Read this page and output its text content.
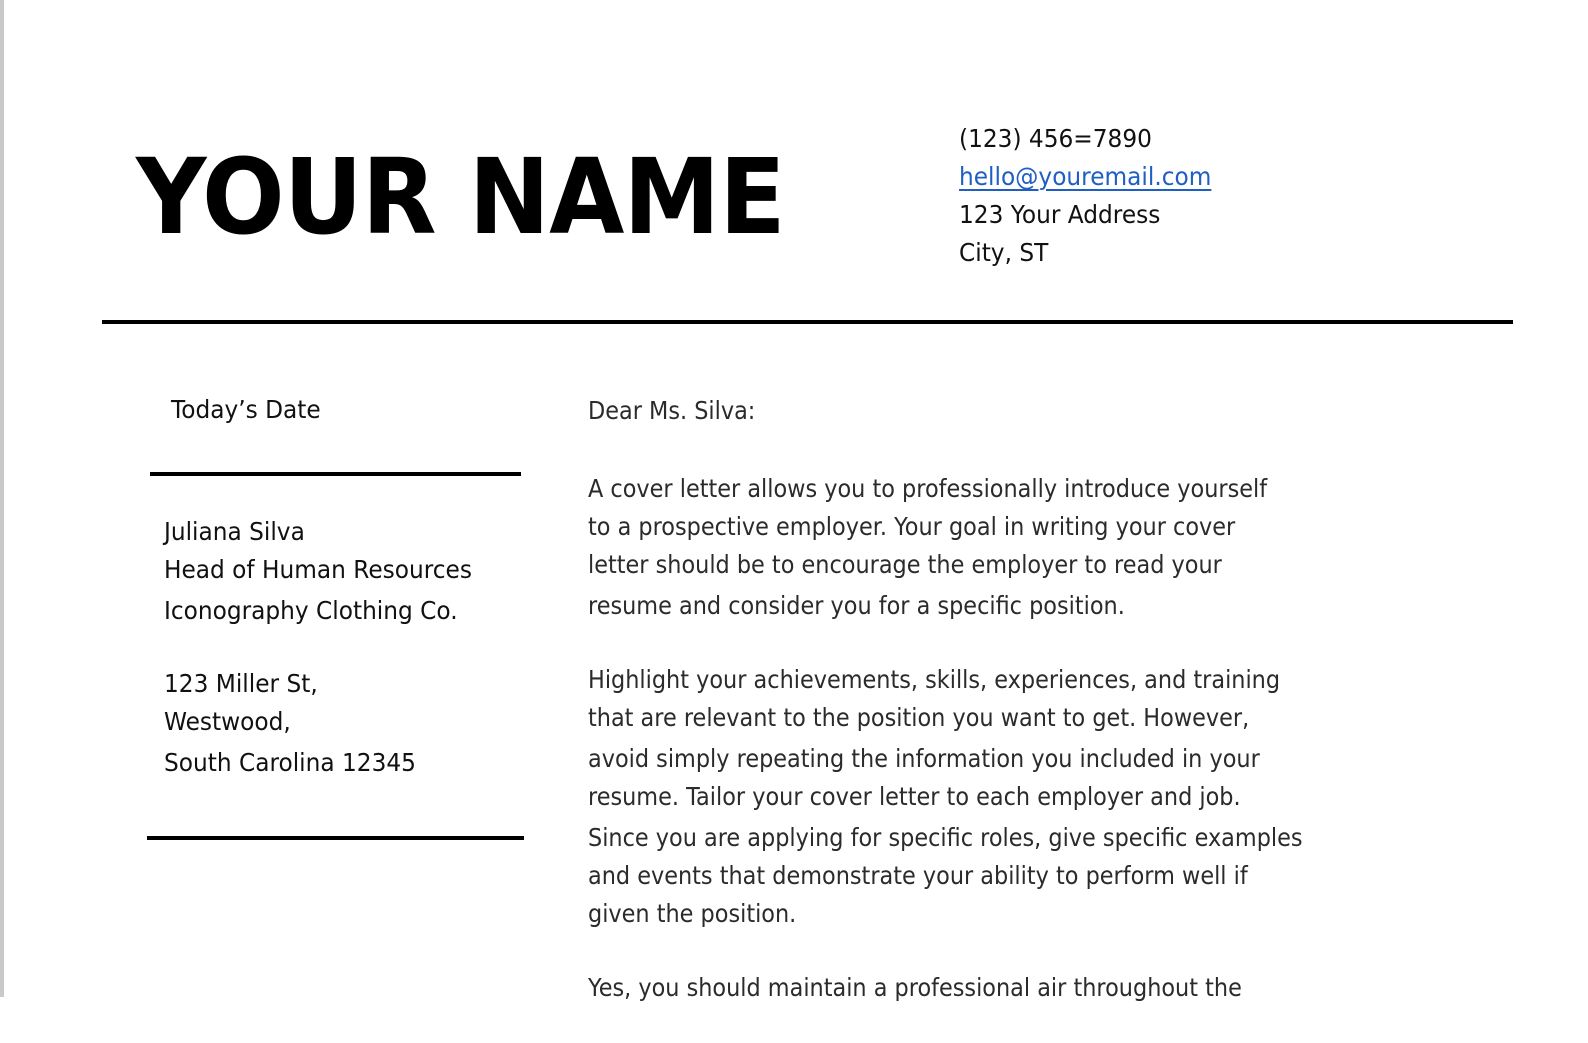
YOUR NAME	(123) 456=7890
hello@youremail.com
123 Your Address
City, ST
Today’s Date
Juliana Silva
Head of Human Resources
Iconography Clothing Co.
123 Miller St,
Westwood,
South Carolina 12345
Dear Ms. Silva:
A cover letter allows you to professionally introduce yourself
to a prospective employer. Your goal in writing your cover
letter should be to encourage the employer to read your
resume and consider you for a specific position.
Highlight your achievements, skills, experiences, and training
that are relevant to the position you want to get. However,
avoid simply repeating the information you included in your
resume. Tailor your cover letter to each employer and job.
Since you are applying for specific roles, give specific examples
and events that demonstrate your ability to perform well if
given the position.
Yes, you should maintain a professional air throughout the
